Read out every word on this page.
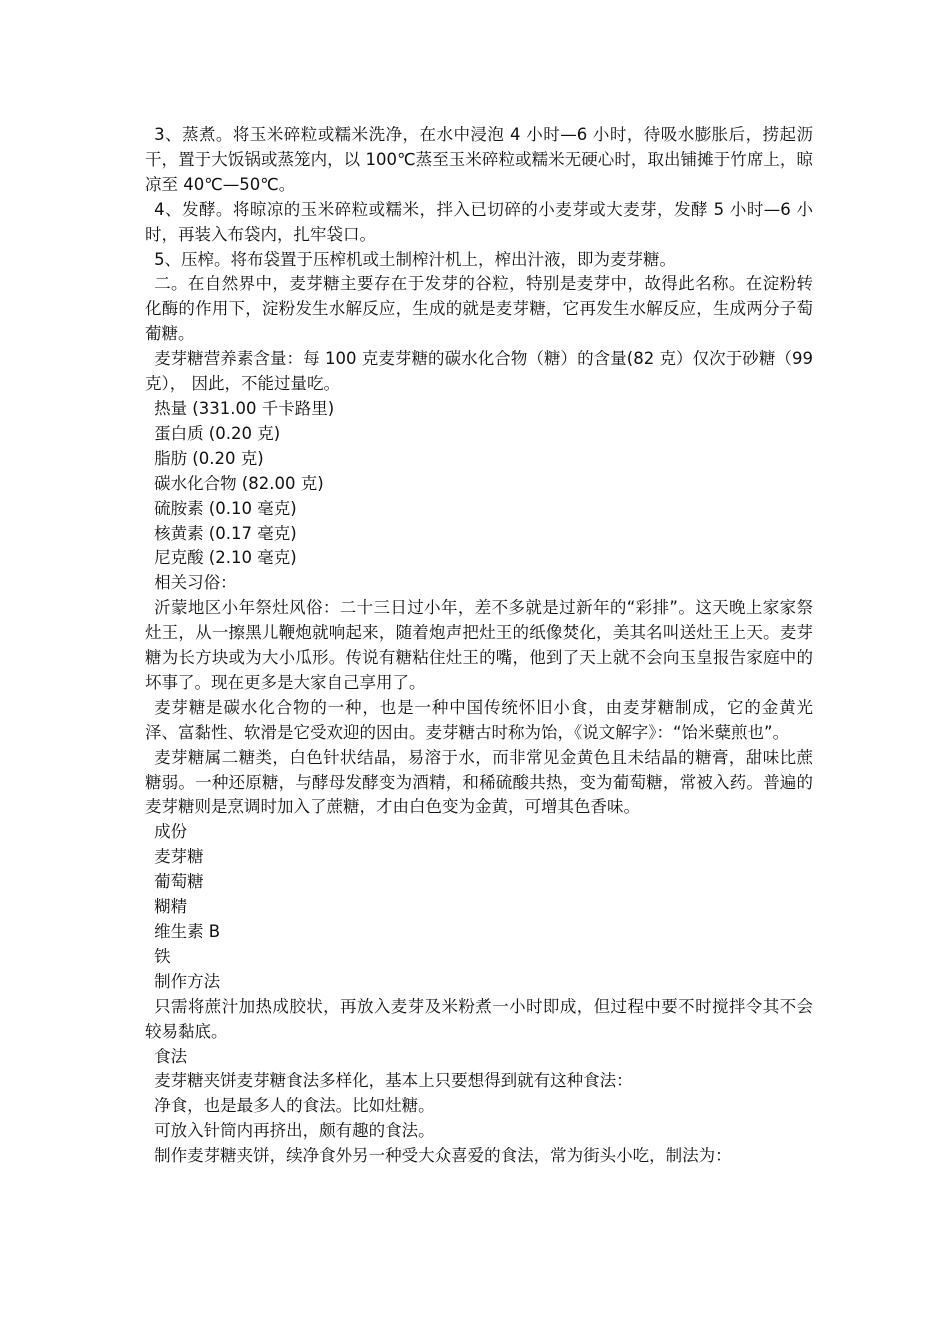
3、蒸煮。将玉米碎粒或糯米洗净，在水中浸泡 4 小时—6 小时，待吸水膨胀后，捞起沥干，置于大饭锅或蒸笼内，以 100℃蒸至玉米碎粒或糯米无硬心时，取出铺摊于竹席上，晾凉至 40℃—50℃。

4、发酵。将晾凉的玉米碎粒或糯米，拌入已切碎的小麦芽或大麦芽，发酵 5 小时—6 小时，再装入布袋内，扎牢袋口。

5、压榨。将布袋置于压榨机或土制榨汁机上，榨出汁液，即为麦芽糖。

二。在自然界中，麦芽糖主要存在于发芽的谷粒，特别是麦芽中，故得此名称。在淀粉转化酶的作用下，淀粉发生水解反应，生成的就是麦芽糖，它再发生水解反应，生成两分子萄葡糖。

麦芽糖营养素含量：每 100 克麦芽糖的碳水化合物（糖）的含量(82 克）仅次于砂糖（99 克）， 因此，不能过量吃。

热量 (331.00 千卡路里)

蛋白质 (0.20 克)

脂肪 (0.20 克)

碳水化合物 (82.00 克)

硫胺素 (0.10 毫克)

核黄素 (0.17 毫克)

尼克酸 (2.10 毫克)

相关习俗：

沂蒙地区小年祭灶风俗：二十三日过小年，差不多就是过新年的“彩排”。这天晚上家家祭灶王，从一擦黑儿鞭炮就响起来，随着炮声把灶王的纸像焚化，美其名叫送灶王上天。麦芽糖为长方块或为大小瓜形。传说有糖粘住灶王的嘴，他到了天上就不会向玉皇报告家庭中的坏事了。现在更多是大家自己享用了。

麦芽糖是碳水化合物的一种，也是一种中国传统怀旧小食，由麦芽糖制成，它的金黄光泽、富黏性、软滑是它受欢迎的因由。麦芽糖古时称为饴，《说文解字》：“饴米糵煎也”。

麦芽糖属二糖类，白色针状结晶，易溶于水，而非常见金黄色且未结晶的糖膏，甜味比蔗糖弱。一种还原糖，与酵母发酵变为酒精，和稀硫酸共热，变为葡萄糖，常被入药。普遍的麦芽糖则是烹调时加入了蔗糖，才由白色变为金黄，可增其色香味。

成份

麦芽糖

葡萄糖

糊精

维生素 B

铁

制作方法

只需将蔗汁加热成胶状，再放入麦芽及米粉煮一小时即成，但过程中要不时搅拌令其不会较易黏底。

食法

麦芽糖夹饼麦芽糖食法多样化，基本上只要想得到就有这种食法：

净食，也是最多人的食法。比如灶糖。

可放入针筒内再挤出，颇有趣的食法。

制作麦芽糖夹饼，续净食外另一种受大众喜爱的食法，常为街头小吃，制法为：
